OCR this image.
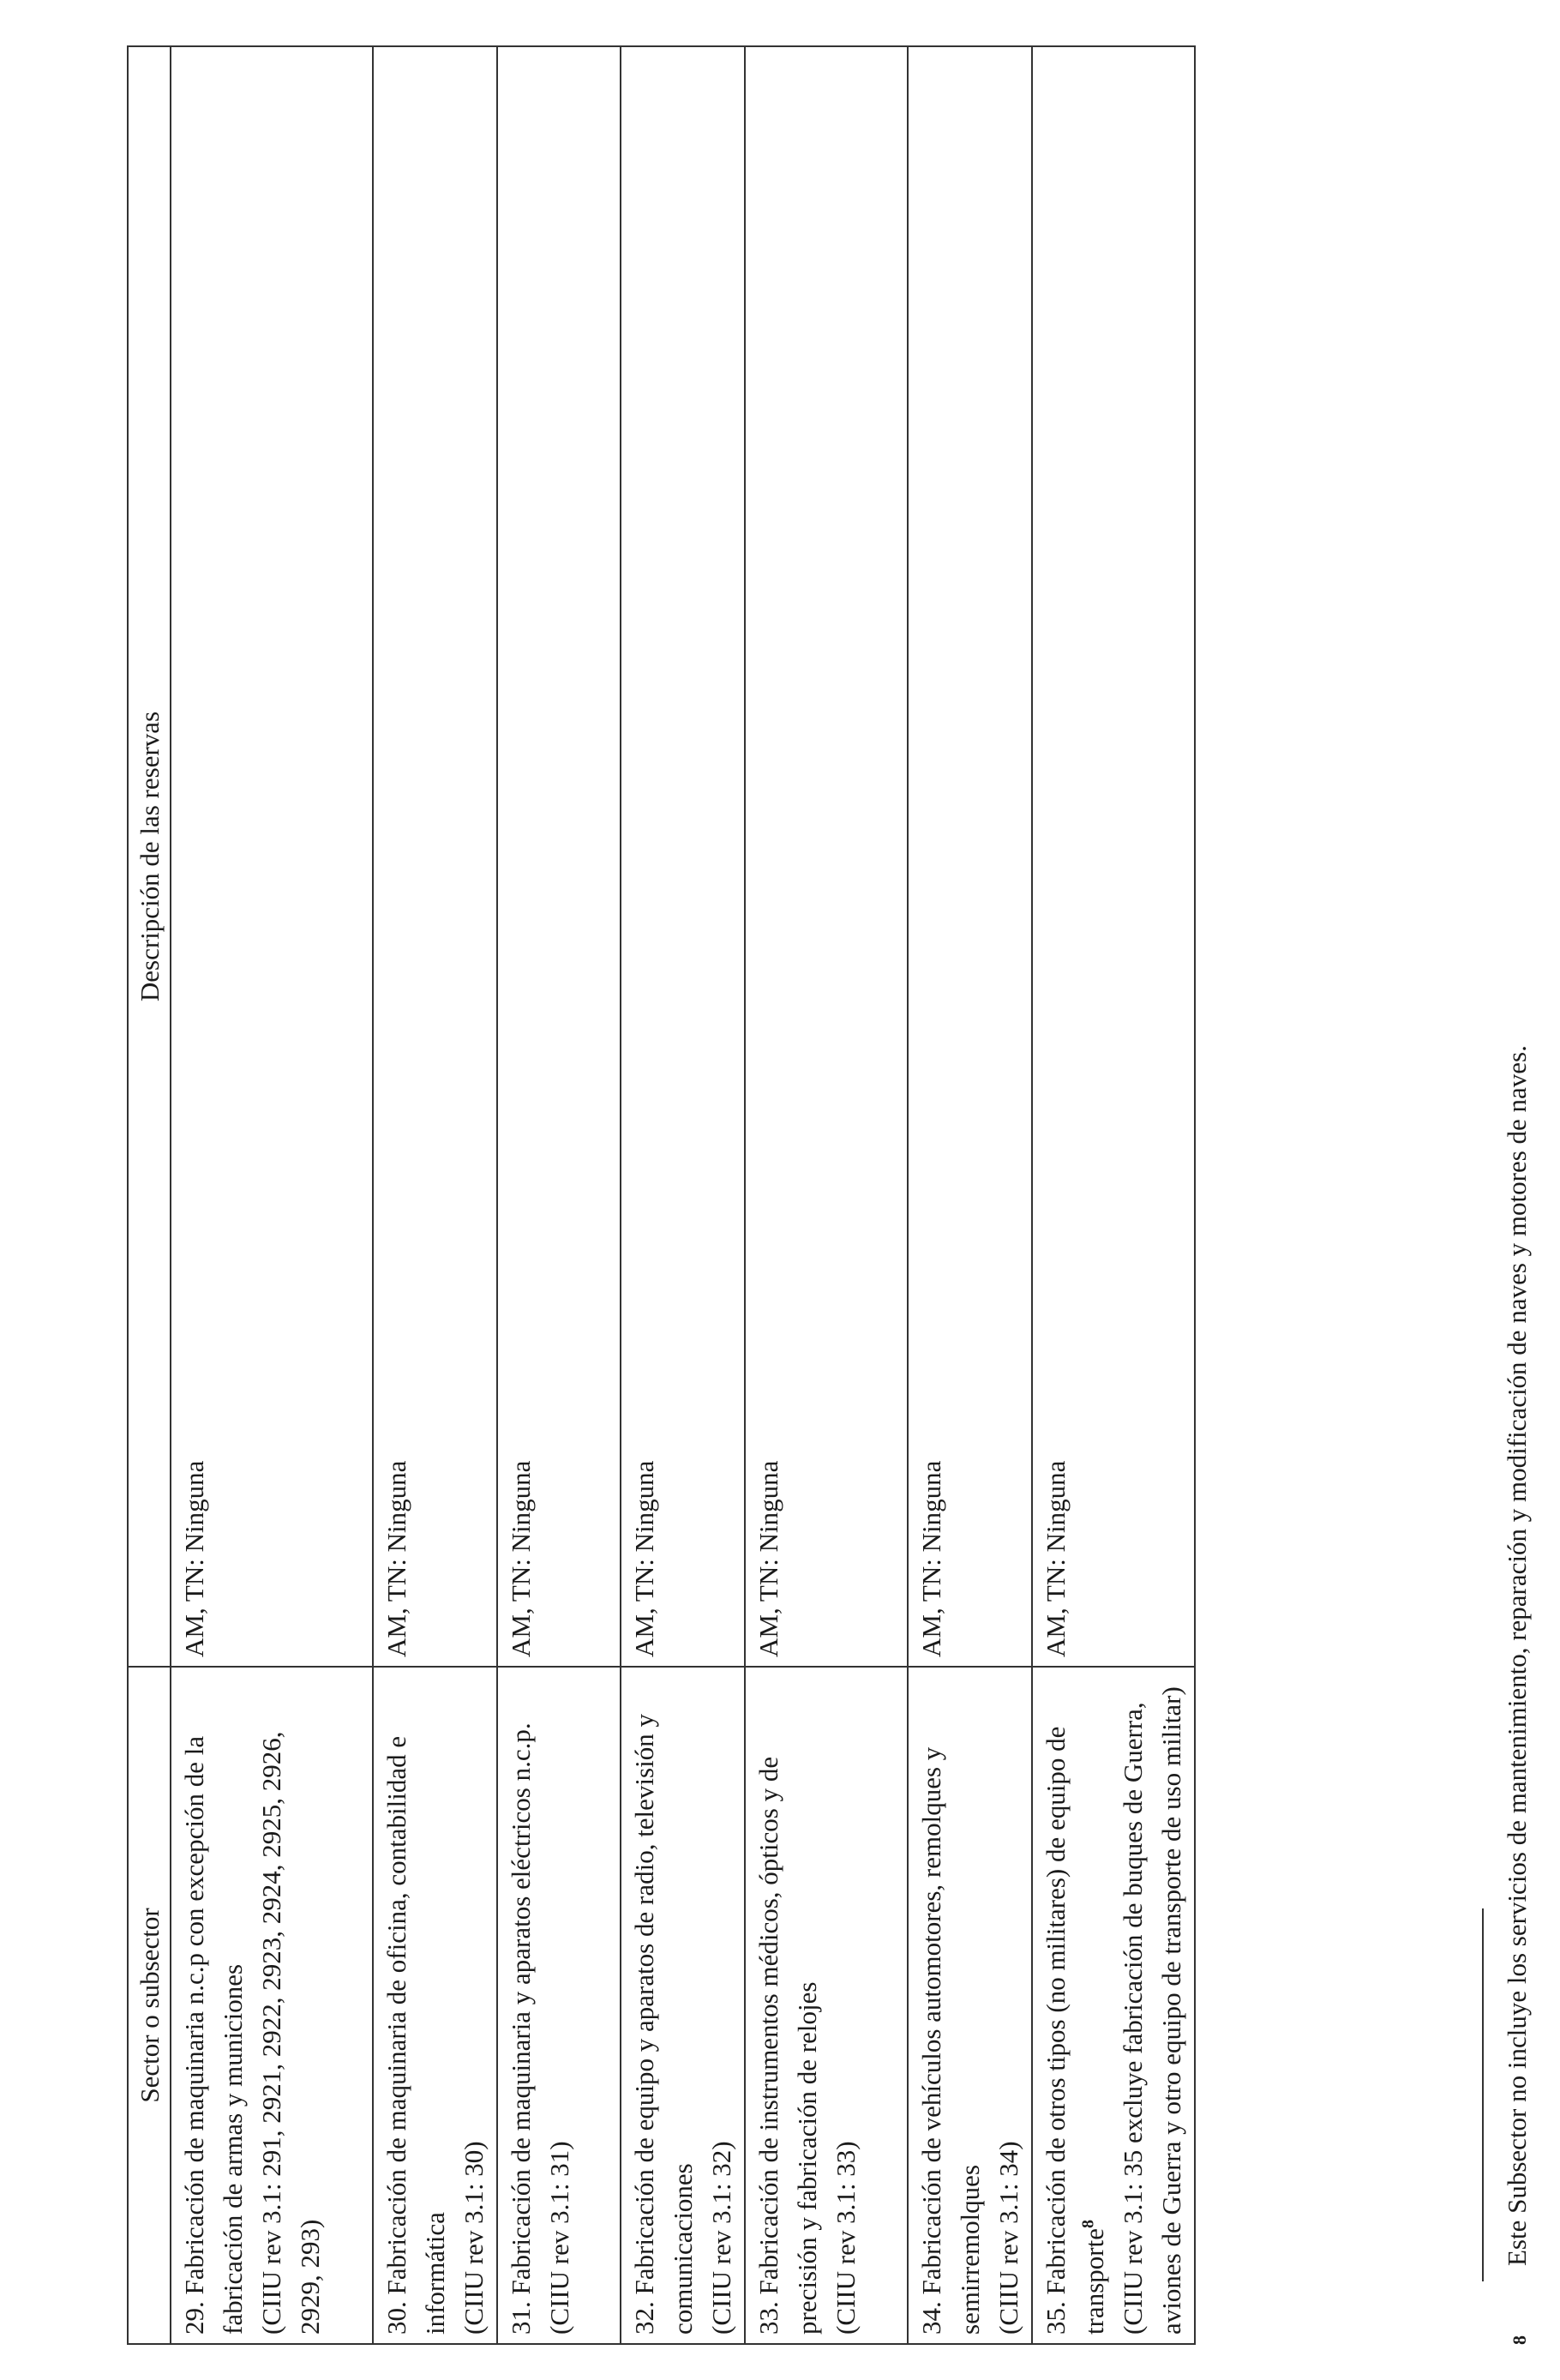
Sector o subsector	Descripción de las reservas

29. Fabricación de maquinaria n.c.p con excepción de la fabricación de armas y municiones (CIIU rev 3.1: 291, 2921, 2922, 2923, 2924, 2925, 2926, 2929, 293)	AM, TN: Ninguna

30. Fabricación de maquinaria de oficina, contabilidad e informática (CIIU rev 3.1: 30)	AM, TN: Ninguna

31. Fabricación de maquinaria y aparatos eléctricos n.c.p. (CIIU rev 3.1: 31)	AM, TN: Ninguna

32. Fabricación de equipo y aparatos de radio, televisión y comunicaciones (CIIU rev 3.1: 32)	AM, TN: Ninguna

33. Fabricación de instrumentos médicos, ópticos y de precisión y fabricación de relojes (CIIU rev 3.1: 33)	AM, TN: Ninguna

34. Fabricación de vehículos automotores, remolques y semirremolques (CIIU rev 3.1: 34)	AM, TN: Ninguna

35. Fabricación de otros tipos (no militares) de equipo de transporte$^8$ (CIIU rev 3.1: 35 excluye fabricación de buques de Guerra, aviones de Guerra y otro equipo de transporte de uso militar)	AM, TN: Ninguna
8Este Subsector no incluye los servicios de mantenimiento, reparación y modificación de naves y motores de naves.
